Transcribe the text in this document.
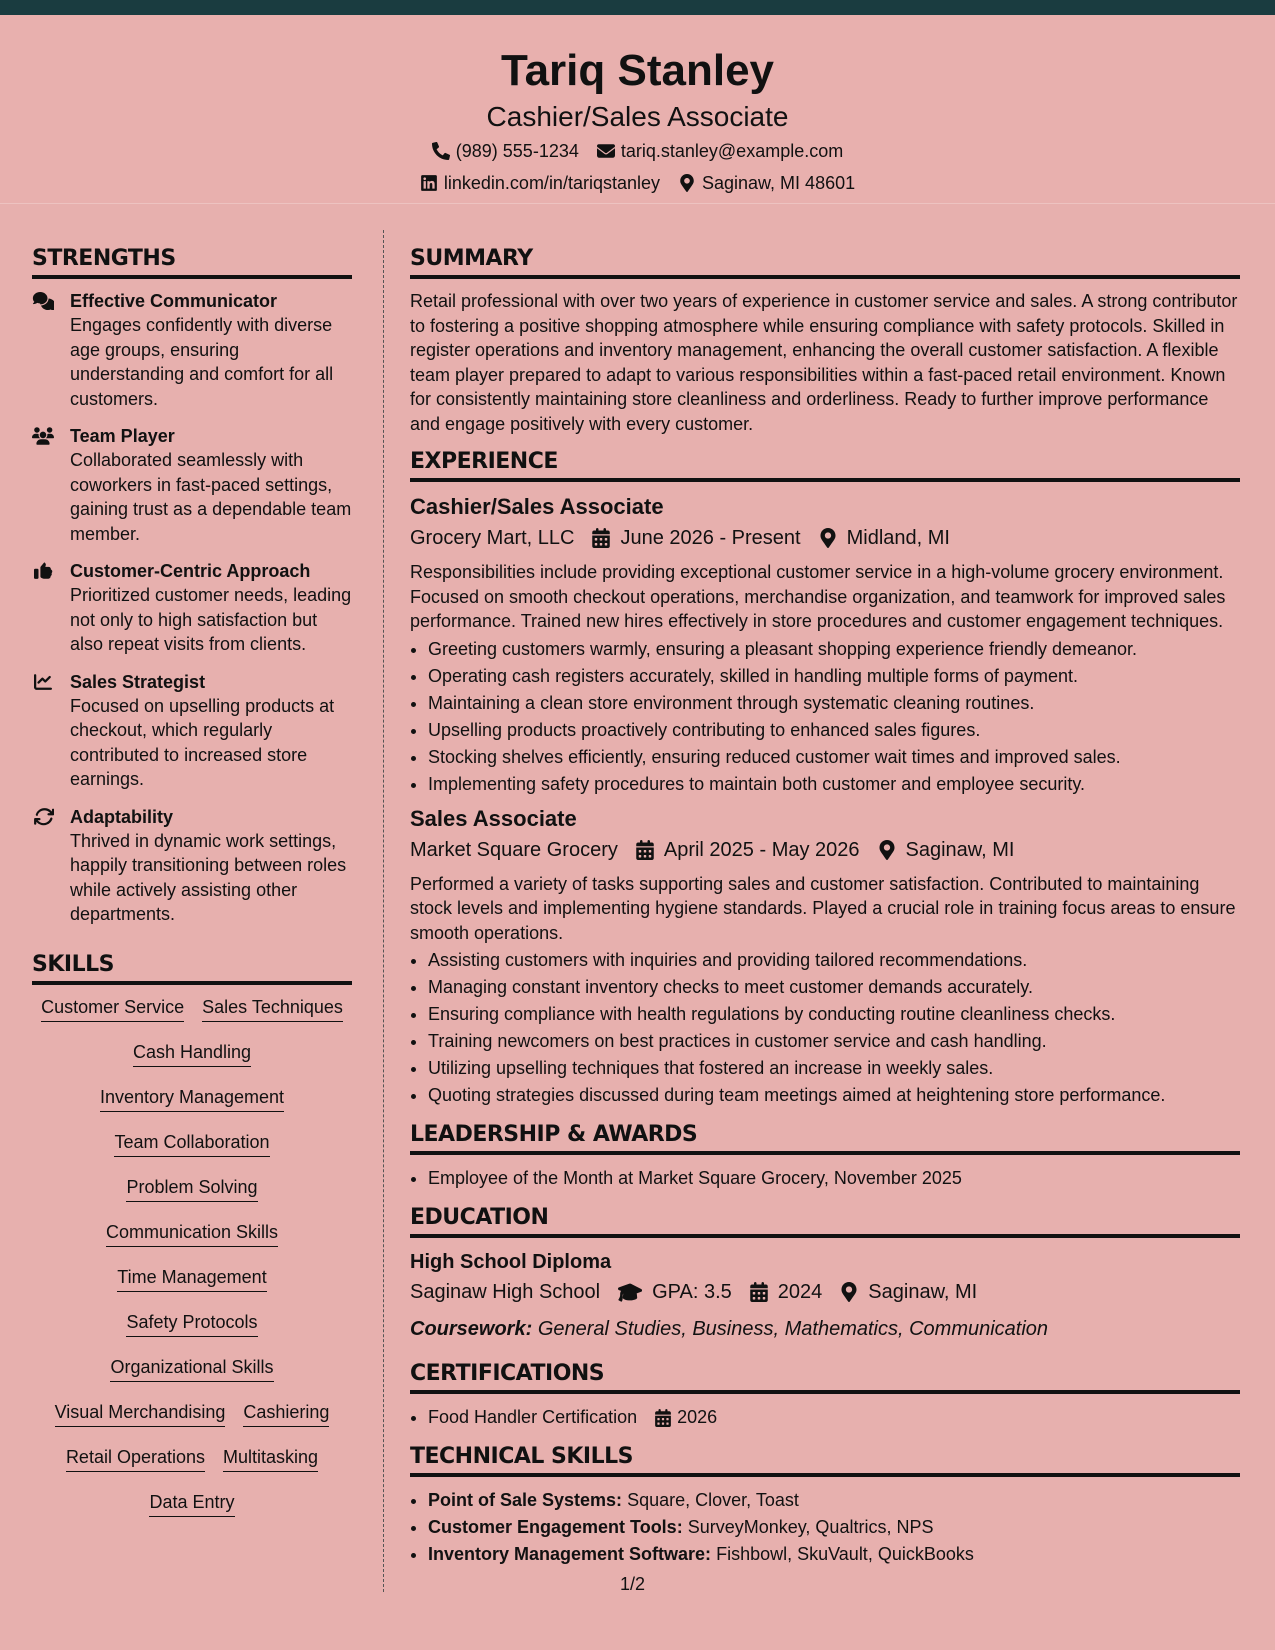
Tariq Stanley
Cashier/Sales Associate
(989) 555-1234 tariq.stanley@example.com
linkedin.com/in/tariqstanley Saginaw, MI 48601
STRENGTHS
Effective Communicator
Engages confidently with diverse age groups, ensuring understanding and comfort for all customers.
Team Player
Collaborated seamlessly with coworkers in fast-paced settings, gaining trust as a dependable team member.
Customer-Centric Approach
Prioritized customer needs, leading not only to high satisfaction but also repeat visits from clients.
Sales Strategist
Focused on upselling products at checkout, which regularly contributed to increased store earnings.
Adaptability
Thrived in dynamic work settings, happily transitioning between roles while actively assisting other departments.
SKILLS
Customer Service Sales Techniques
Cash Handling
Inventory Management
Team Collaboration
Problem Solving
Communication Skills
Time Management
Safety Protocols
Organizational Skills
Visual Merchandising Cashiering
Retail Operations Multitasking
Data Entry
SUMMARY
Retail professional with over two years of experience in customer service and sales. A strong contributor to fostering a positive shopping atmosphere while ensuring compliance with safety protocols. Skilled in register operations and inventory management, enhancing the overall customer satisfaction. A flexible team player prepared to adapt to various responsibilities within a fast-paced retail environment. Known for consistently maintaining store cleanliness and orderliness. Ready to further improve performance and engage positively with every customer.
EXPERIENCE
Cashier/Sales Associate
Grocery Mart, LLC June 2026 - Present Midland, MI
Responsibilities include providing exceptional customer service in a high-volume grocery environment. Focused on smooth checkout operations, merchandise organization, and teamwork for improved sales performance. Trained new hires effectively in store procedures and customer engagement techniques.
• Greeting customers warmly, ensuring a pleasant shopping experience friendly demeanor.
• Operating cash registers accurately, skilled in handling multiple forms of payment.
• Maintaining a clean store environment through systematic cleaning routines.
• Upselling products proactively contributing to enhanced sales figures.
• Stocking shelves efficiently, ensuring reduced customer wait times and improved sales.
• Implementing safety procedures to maintain both customer and employee security.
Sales Associate
Market Square Grocery April 2025 - May 2026 Saginaw, MI
Performed a variety of tasks supporting sales and customer satisfaction. Contributed to maintaining stock levels and implementing hygiene standards. Played a crucial role in training focus areas to ensure smooth operations.
• Assisting customers with inquiries and providing tailored recommendations.
• Managing constant inventory checks to meet customer demands accurately.
• Ensuring compliance with health regulations by conducting routine cleanliness checks.
• Training newcomers on best practices in customer service and cash handling.
• Utilizing upselling techniques that fostered an increase in weekly sales.
• Quoting strategies discussed during team meetings aimed at heightening store performance.
LEADERSHIP & AWARDS
• Employee of the Month at Market Square Grocery, November 2025
EDUCATION
High School Diploma
Saginaw High School	GPA: 3.5 2024 Saginaw, MI
Coursework: General Studies, Business, Mathematics, Communication
CERTIFICATIONS
• Food Handler Certification 2026
TECHNICAL SKILLS
• Point of Sale Systems: Square, Clover, Toast
• Customer Engagement Tools: SurveyMonkey, Qualtrics, NPS
• Inventory Management Software: Fishbowl, SkuVault, QuickBooks
1/2
